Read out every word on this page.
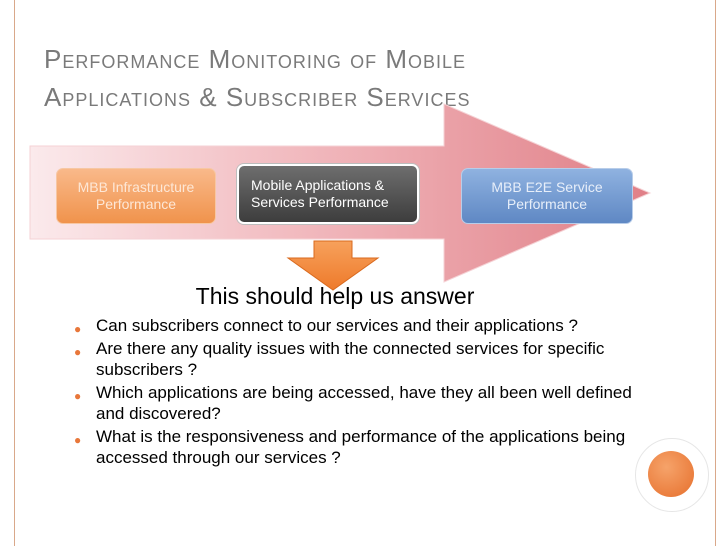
Performance Monitoring of Mobile
Applications & Subscriber Services
MBB Infrastructure
Performance
Mobile Applications &
Services Performance
MBB E2E Service
Performance
This should help us answer
● Can subscribers connect to our services and their applications ?
● Are there any quality issues with the connected services for specific subscribers ?
● Which applications are being accessed, have they all been well defined and discovered?
● What is the responsiveness and performance of the applications being accessed through our services ?
